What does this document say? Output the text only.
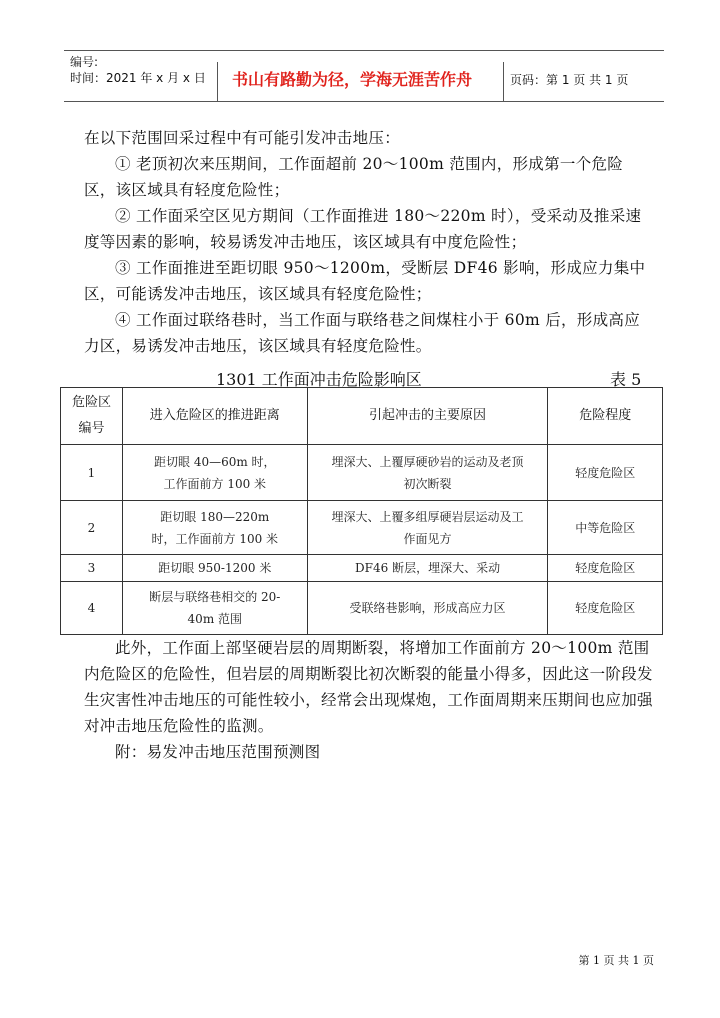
编号:
时间：2021 年 x 月 x 日 书山有路勤为径，学海无涯苦作舟	页码：第 1 页 共 1 页

在以下范围回采过程中有可能引发冲击地压：

① 老顶初次来压期间，工作面超前 20～100m 范围内，形成第一个危险区，该区域具有轻度危险性；

② 工作面采空区见方期间（工作面推进 180～220m 时），受采动及推采速度等因素的影响，较易诱发冲击地压，该区域具有中度危险性；

③ 工作面推进至距切眼 950～1200m，受断层 DF46 影响，形成应力集中区，可能诱发冲击地压，该区域具有轻度危险性；

④ 工作面过联络巷时，当工作面与联络巷之间煤柱小于 60m 后，形成高应力区，易诱发冲击地压，该区域具有轻度危险性。

1301 工作面冲击危险影响区	表 5
危险区编号	进入危险区的推进距离	引起冲击的主要原因	危险程度
1	距切眼 40—60m 时，工作面前方 100 米	埋深大、上覆厚硬砂岩的运动及老顶初次断裂	轻度危险区
2	距切眼 180—220m 时，工作面前方 100 米	埋深大、上覆多组厚硬岩层运动及工作面见方	中等危险区
3	距切眼 950-1200 米	DF46 断层，埋深大、采动	轻度危险区
4	断层与联络巷相交的 20-40m 范围	受联络巷影响，形成高应力区	轻度危险区

此外，工作面上部坚硬岩层的周期断裂，将增加工作面前方 20～100m 范围内危险区的危险性，但岩层的周期断裂比初次断裂的能量小得多，因此这一阶段发生灾害性冲击地压的可能性较小，经常会出现煤炮，工作面周期来压期间也应加强对冲击地压危险性的监测。

附：易发冲击地压范围预测图

第 1 页 共 1 页
